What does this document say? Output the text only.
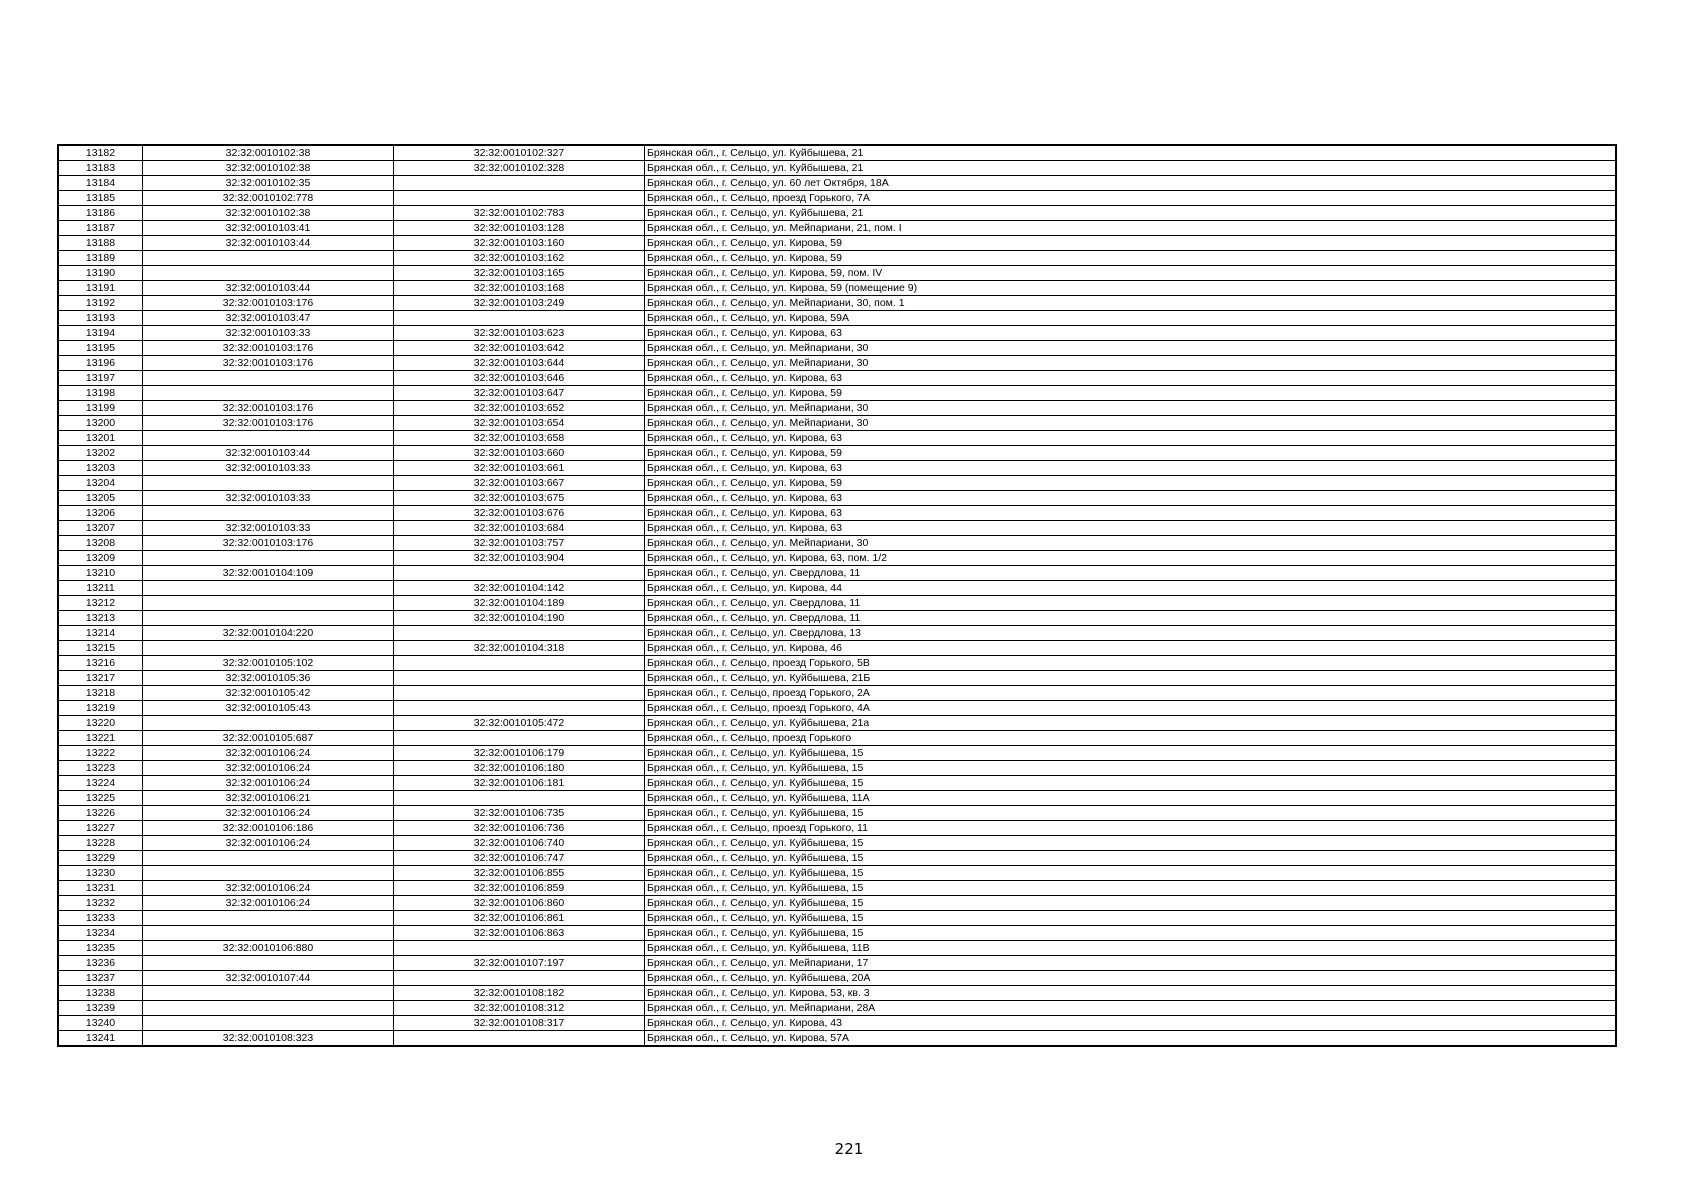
13182	32:32:0010102:38	32:32:0010102:327	Брянская обл., г. Сельцо, ул. Куйбышева, 21
13183	32:32:0010102:38	32:32:0010102:328	Брянская обл., г. Сельцо, ул. Куйбышева, 21
13184	32:32:0010102:35		Брянская обл., г. Сельцо, ул. 60 лет Октября, 18А
13185	32:32:0010102:778		Брянская обл., г. Сельцо, проезд Горького, 7А
13186	32:32:0010102:38	32:32:0010102:783	Брянская обл., г. Сельцо, ул. Куйбышева, 21
13187	32:32:0010103:41	32:32:0010103:128	Брянская обл., г. Сельцо, ул. Мейпариани, 21, пом. I
13188	32:32:0010103:44	32:32:0010103:160	Брянская обл., г. Сельцо, ул. Кирова, 59
13189		32:32:0010103:162	Брянская обл., г. Сельцо, ул. Кирова, 59
13190		32:32:0010103:165	Брянская обл., г. Сельцо, ул. Кирова, 59, пом. IV
13191	32:32:0010103:44	32:32:0010103:168	Брянская обл., г. Сельцо, ул. Кирова, 59 (помещение 9)
13192	32:32:0010103:176	32:32:0010103:249	Брянская обл., г. Сельцо, ул. Мейпариани, 30, пом. 1
13193	32:32:0010103:47		Брянская обл., г. Сельцо, ул. Кирова, 59А
13194	32:32:0010103:33	32:32:0010103:623	Брянская обл., г. Сельцо, ул. Кирова, 63
13195	32:32:0010103:176	32:32:0010103:642	Брянская обл., г. Сельцо, ул. Мейпариани, 30
13196	32:32:0010103:176	32:32:0010103:644	Брянская обл., г. Сельцо, ул. Мейпариани, 30
13197		32:32:0010103:646	Брянская обл., г. Сельцо, ул. Кирова, 63
13198		32:32:0010103:647	Брянская обл., г. Сельцо, ул. Кирова, 59
13199	32:32:0010103:176	32:32:0010103:652	Брянская обл., г. Сельцо, ул. Мейпариани, 30
13200	32:32:0010103:176	32:32:0010103:654	Брянская обл., г. Сельцо, ул. Мейпариани, 30
13201		32:32:0010103:658	Брянская обл., г. Сельцо, ул. Кирова, 63
13202	32:32:0010103:44	32:32:0010103:660	Брянская обл., г. Сельцо, ул. Кирова, 59
13203	32:32:0010103:33	32:32:0010103:661	Брянская обл., г. Сельцо, ул. Кирова, 63
13204		32:32:0010103:667	Брянская обл., г. Сельцо, ул. Кирова, 59
13205	32:32:0010103:33	32:32:0010103:675	Брянская обл., г. Сельцо, ул. Кирова, 63
13206		32:32:0010103:676	Брянская обл., г. Сельцо, ул. Кирова, 63
13207	32:32:0010103:33	32:32:0010103:684	Брянская обл., г. Сельцо, ул. Кирова, 63
13208	32:32:0010103:176	32:32:0010103:757	Брянская обл., г. Сельцо, ул. Мейпариани, 30
13209		32:32:0010103:904	Брянская обл., г. Сельцо, ул. Кирова, 63, пом. 1/2
13210	32:32:0010104:109		Брянская обл., г. Сельцо, ул. Свердлова, 11
13211		32:32:0010104:142	Брянская обл., г. Сельцо, ул. Кирова, 44
13212		32:32:0010104:189	Брянская обл., г. Сельцо, ул. Свердлова, 11
13213		32:32:0010104:190	Брянская обл., г. Сельцо, ул. Свердлова, 11
13214	32:32:0010104:220		Брянская обл., г. Сельцо, ул. Свердлова, 13
13215		32:32:0010104:318	Брянская обл., г. Сельцо, ул. Кирова, 46
13216	32:32:0010105:102		Брянская обл., г. Сельцо, проезд Горького, 5В
13217	32:32:0010105:36		Брянская обл., г. Сельцо, ул. Куйбышева, 21Б
13218	32:32:0010105:42		Брянская обл., г. Сельцо, проезд Горького, 2А
13219	32:32:0010105:43		Брянская обл., г. Сельцо, проезд Горького, 4А
13220		32:32:0010105:472	Брянская обл., г. Сельцо, ул. Куйбышева, 21а
13221	32:32:0010105:687		Брянская обл., г. Сельцо, проезд Горького
13222	32:32:0010106:24	32:32:0010106:179	Брянская обл., г. Сельцо, ул. Куйбышева, 15
13223	32:32:0010106:24	32:32:0010106:180	Брянская обл., г. Сельцо, ул. Куйбышева, 15
13224	32:32:0010106:24	32:32:0010106:181	Брянская обл., г. Сельцо, ул. Куйбышева, 15
13225	32:32:0010106:21		Брянская обл., г. Сельцо, ул. Куйбышева, 11А
13226	32:32:0010106:24	32:32:0010106:735	Брянская обл., г. Сельцо, ул. Куйбышева, 15
13227	32:32:0010106:186	32:32:0010106:736	Брянская обл., г. Сельцо, проезд Горького, 11
13228	32:32:0010106:24	32:32:0010106:740	Брянская обл., г. Сельцо, ул. Куйбышева, 15
13229		32:32:0010106:747	Брянская обл., г. Сельцо, ул. Куйбышева, 15
13230		32:32:0010106:855	Брянская обл., г. Сельцо, ул. Куйбышева, 15
13231	32:32:0010106:24	32:32:0010106:859	Брянская обл., г. Сельцо, ул. Куйбышева, 15
13232	32:32:0010106:24	32:32:0010106:860	Брянская обл., г. Сельцо, ул. Куйбышева, 15
13233		32:32:0010106:861	Брянская обл., г. Сельцо, ул. Куйбышева, 15
13234		32:32:0010106:863	Брянская обл., г. Сельцо, ул. Куйбышева, 15
13235	32:32:0010106:880		Брянская обл., г. Сельцо, ул. Куйбышева, 11В
13236		32:32:0010107:197	Брянская обл., г. Сельцо, ул. Мейпариани, 17
13237	32:32:0010107:44		Брянская обл., г. Сельцо, ул. Куйбышева, 20А
13238		32:32:0010108:182	Брянская обл., г. Сельцо, ул. Кирова, 53, кв. 3
13239		32:32:0010108:312	Брянская обл., г. Сельцо, ул. Мейпариани, 28А
13240		32:32:0010108:317	Брянская обл., г. Сельцо, ул. Кирова, 43
13241	32:32:0010108:323		Брянская обл., г. Сельцо, ул. Кирова, 57А
221
